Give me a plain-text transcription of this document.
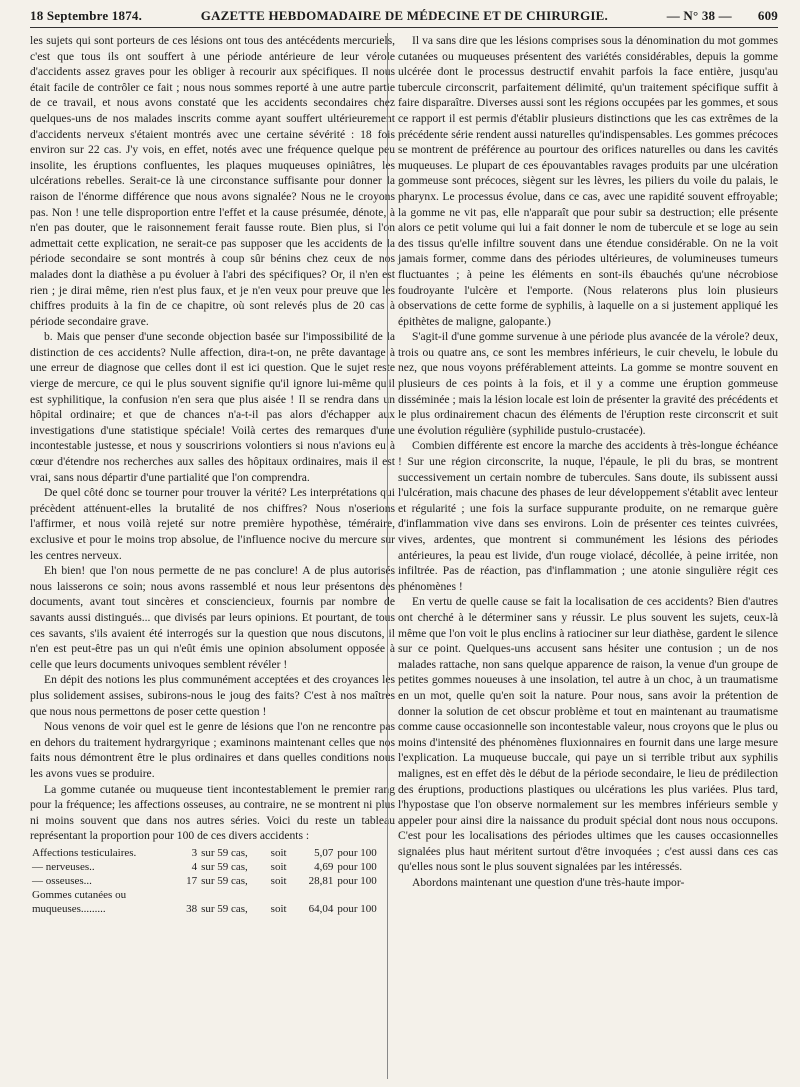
18 Septembre 1874.	GAZETTE HEBDOMADAIRE DE MÉDECINE ET DE CHIRURGIE.	— N° 38 — 609

les sujets qui sont porteurs de ces lésions ont tous des antécédents mercuriels, c'est que tous ils ont souffert à une période antérieure de leur vérole d'accidents assez graves pour les obliger à recourir aux spécifiques. Il nous était facile de contrôler ce fait ; nous nous sommes reporté à une autre partie de ce travail, et nous avons constaté que les accidents secondaires chez quelques-uns de nos malades inscrits comme ayant souffert ultérieurement d'accidents nerveux s'étaient montrés avec une certaine sévérité : 18 fois environ sur 22 cas. J'y vois, en effet, notés avec une fréquence quelque peu insolite, les éruptions confluentes, les plaques muqueuses opiniâtres, les ulcérations rebelles. Serait-ce là une circonstance suffisante pour donner la raison de l'énorme différence que nous avons signalée? Nous ne le croyons pas. Non ! une telle disproportion entre l'effet et la cause présumée, dénote, à n'en pas douter, que le raisonnement ferait fausse route. Bien plus, si l'on admettait cette explication, ne serait-ce pas supposer que les accidents de la période secondaire se sont montrés à coup sûr bénins chez ceux de nos malades dont la diathèse a pu évoluer à l'abri des spécifiques? Or, il n'en est rien ; je dirai même, rien n'est plus faux, et je n'en veux pour preuve que les chiffres produits à la fin de ce chapitre, où sont relevés plus de 20 cas à période secondaire grave.

b. Mais que penser d'une seconde objection basée sur l'impossibilité de la distinction de ces accidents? Nulle affection, dira-t-on, ne prête davantage à une erreur de diagnose que celles dont il est ici question. Que le sujet reste vierge de mercure, ce qui le plus souvent signifie qu'il ignore lui-même qu'il est syphilitique, la confusion n'en sera que plus aisée ! Il se rendra dans un hôpital ordinaire; et que de chances n'a-t-il pas alors d'échapper aux investigations d'une statistique spéciale! Voilà certes des remarques d'une incontestable justesse, et nous y souscririons volontiers si nous n'avions eu à cœur d'étendre nos recherches aux salles des hôpitaux ordinaires, mais il est vrai, sans nous départir d'une partialité que l'on comprendra.

De quel côté donc se tourner pour trouver la vérité? Les interprétations qui précèdent atténuent-elles la brutalité de nos chiffres? Nous n'oserions l'affirmer, et nous voilà rejeté sur notre première hypothèse, téméraire, exclusive et pour le moins trop absolue, de l'influence nocive du mercure sur les centres nerveux.

Eh bien! que l'on nous permette de ne pas conclure! A de plus autorisés nous laisserons ce soin; nous avons rassemblé et nous leur présentons des documents, avant tout sincères et consciencieux, fournis par nombre de savants aussi distingués... que divisés par leurs opinions. Et pourtant, de tous ces savants, s'ils avaient été interrogés sur la question que nous discutons, il n'en est peut-être pas un qui n'eût émis une opinion absolument opposée à celle que leurs documents univoques semblent révéler !

En dépit des notions les plus communément acceptées et des croyances les plus solidement assises, subirons-nous le joug des faits? C'est à nos maîtres que nous nous permettons de poser cette question !

Nous venons de voir quel est le genre de lésions que l'on ne rencontre pas en dehors du traitement hydrargyrique ; examinons maintenant celles que nos faits nous démontrent être le plus ordinaires et dans quelles conditions nous les avons vues se produire.

La gomme cutanée ou muqueuse tient incontestablement le premier rang pour la fréquence; les affections osseuses, au contraire, ne se montrent ni plus ni moins souvent que dans nos autres séries. Voici du reste un tableau représentant la proportion pour 100 de ces divers accidents :

Affections testiculaires.	3	sur 59 cas,	soit	5,07	pour 100
— nerveuses..	4	sur 59 cas,	soit	4,69	pour 100
— osseuses...	17	sur 59 cas,	soit	28,81	pour 100
Gommes cutanées ou					
muqueuses.........	38	sur 59 cas,	soit	64,04	pour 100

Il va sans dire que les lésions comprises sous la dénomination du mot gommes cutanées ou muqueuses présentent des variétés considérables, depuis la gomme ulcérée dont le processus destructif envahit parfois la face entière, jusqu'au tubercule circonscrit, parfaitement délimité, qu'un traitement spécifique suffit à faire disparaître. Diverses aussi sont les régions occupées par les gommes, et sous ce rapport il est permis d'établir plusieurs distinctions que les cas extrêmes de la précédente série rendent aussi naturelles qu'indispensables. Les gommes précoces se montrent de préférence au pourtour des orifices naturelles ou dans les cavités muqueuses. Le plupart de ces épouvantables ravages produits par une ulcération gommeuse sont précoces, siègent sur les lèvres, les piliers du voile du palais, le pharynx. Le processus évolue, dans ce cas, avec une rapidité souvent effroyable; la gomme ne vit pas, elle n'apparaît que pour subir sa destruction; elle présente alors ce petit volume qui lui a fait donner le nom de tubercule et se loge au sein des tissus qu'elle infiltre souvent dans une étendue considérable. On ne la voit jamais former, comme dans des périodes ultérieures, de volumineuses tumeurs fluctuantes ; à peine les éléments en sont-ils ébauchés qu'une nécrobiose foudroyante l'ulcère et l'emporte. (Nous relaterons plus loin plusieurs observations de cette forme de syphilis, à laquelle on a si justement appliqué les épithètes de maligne, galopante.)

S'agit-il d'une gomme survenue à une période plus avancée de la vérole? deux, trois ou quatre ans, ce sont les membres inférieurs, le cuir chevelu, le lobule du nez, que nous voyons préférablement atteints. La gomme se montre souvent en plusieurs de ces points à la fois, et il y a comme une éruption gommeuse disséminée ; mais la lésion locale est loin de présenter la gravité des précédents et le plus ordinairement chacun des éléments de l'éruption reste circonscrit et suit une évolution régulière (syphilide pustulo-crustacée).

Combien différente est encore la marche des accidents à très-longue échéance ! Sur une région circonscrite, la nuque, l'épaule, le pli du bras, se montrent successivement un certain nombre de tubercules. Sans doute, ils subissent aussi l'ulcération, mais chacune des phases de leur développement s'établit avec lenteur et régularité ; une fois la surface suppurante produite, on ne remarque guère d'inflammation vive dans ses environs. Loin de présenter ces teintes cuivrées, vives, ardentes, que montrent si communément les lésions des périodes antérieures, la peau est livide, d'un rouge violacé, décollée, à peine irritée, non infiltrée. Pas de réaction, pas d'inflammation ; une atonie singulière régit ces phénomènes !

En vertu de quelle cause se fait la localisation de ces accidents? Bien d'autres ont cherché à le déterminer sans y réussir. Le plus souvent les sujets, ceux-là même que l'on voit le plus enclins à ratiociner sur leur diathèse, gardent le silence sur ce point. Quelques-uns accusent sans hésiter une contusion ; un de nos malades rattache, non sans quelque apparence de raison, la venue d'un groupe de petites gommes noueuses à une insolation, tel autre à un choc, à un traumatisme en un mot, quelle qu'en soit la nature. Pour nous, sans avoir la prétention de donner la solution de cet obscur problème et tout en maintenant au traumatisme comme cause occasionnelle son incontestable valeur, nous croyons que le plus ou moins d'intensité des phénomènes fluxionnaires en fournit dans une large mesure l'explication. La muqueuse buccale, qui paye un si terrible tribut aux syphilis malignes, est en effet dès le début de la période secondaire, le lieu de prédilection des éruptions, productions plastiques ou ulcérations les plus variées. Plus tard, l'hypostase que l'on observe normalement sur les membres inférieurs semble y appeler pour ainsi dire la naissance du produit spécial dont nous nous occupons. C'est pour les localisations des périodes ultimes que les causes occasionnelles signalées plus haut méritent surtout d'être invoquées ; c'est aussi dans ces cas qu'elles nous sont le plus souvent signalées par les intéressés.

Abordons maintenant une question d'une très-haute impor-
